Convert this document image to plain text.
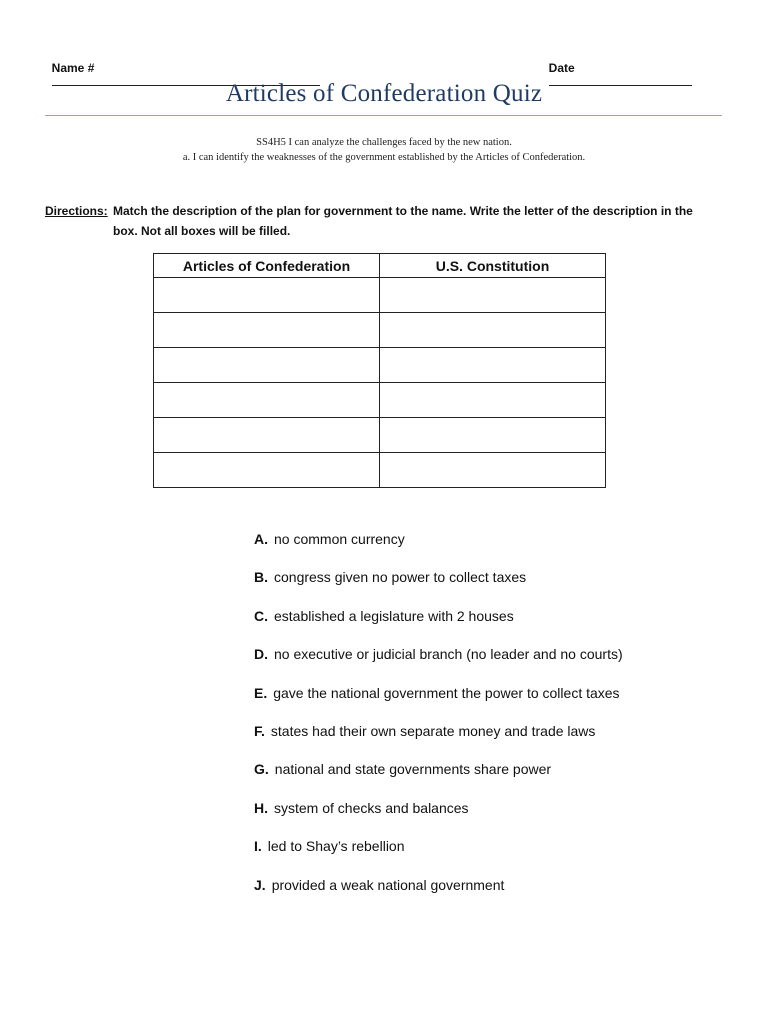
Name #
	Date

Articles of Confederation Quiz
SS4H5 I can analyze the challenges faced by the new nation.
a. I can identify the weaknesses of the government established by the Articles of Confederation.
Directions: Match the description of the plan for government to the name. Write the letter of the description in the
box. Not all boxes will be filled.
Articles of Confederation	U.S. Constitution

A. no common currency
B. congress given no power to collect taxes
C. established a legislature with 2 houses
D. no executive or judicial branch (no leader and no courts)
E. gave the national government the power to collect taxes
F. states had their own separate money and trade laws
G. national and state governments share power
H. system of checks and balances
I. led to Shay’s rebellion
J. provided a weak national government
